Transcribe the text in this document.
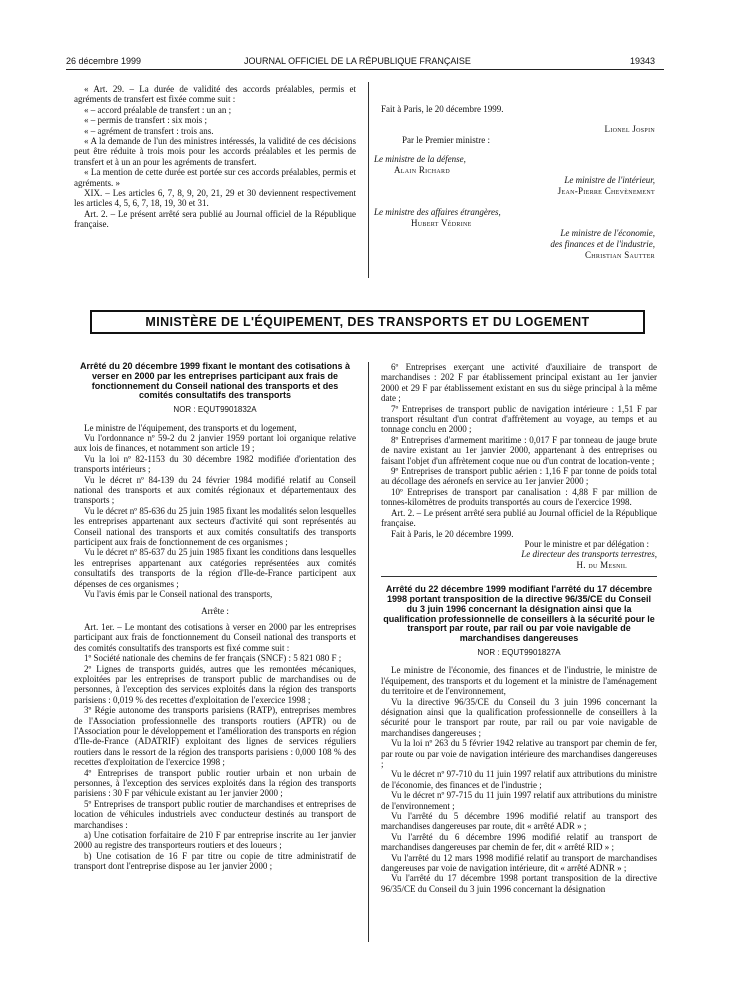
26 décembre 1999	JOURNAL OFFICIEL DE LA RÉPUBLIQUE FRANÇAISE	19343

« Art. 29. – La durée de validité des accords préalables, permis et agréments de transfert est fixée comme suit :

« – accord préalable de transfert : un an ;

« – permis de transfert : six mois ;

« – agrément de transfert : trois ans.

« A la demande de l'un des ministres intéressés, la validité de ces décisions peut être réduite à trois mois pour les accords préalables et les permis de transfert et à un an pour les agréments de transfert.

« La mention de cette durée est portée sur ces accords préalables, permis et agréments. »

XIX. – Les articles 6, 7, 8, 9, 20, 21, 29 et 30 deviennent respectivement les articles 4, 5, 6, 7, 18, 19, 30 et 31.

Art. 2. – Le présent arrêté sera publié au Journal officiel de la République française.

Fait à Paris, le 20 décembre 1999.
Lionel Jospin
Par le Premier ministre :
Le ministre de la défense,
Alain Richard
Le ministre de l'intérieur,
Jean-Pierre Chevènement
Le ministre des affaires étrangères,
Hubert Védrine
Le ministre de l'économie,
des finances et de l'industrie,
Christian Sautter
MINISTÈRE DE L'ÉQUIPEMENT, DES TRANSPORTS ET DU LOGEMENT

Arrêté du 20 décembre 1999 fixant le montant des cotisations à verser en 2000 par les entreprises participant aux frais de fonctionnement du Conseil national des transports et des comités consultatifs des transports

NOR : EQUT9901832A

Le ministre de l'équipement, des transports et du logement,

Vu l'ordonnance nº 59-2 du 2 janvier 1959 portant loi organique relative aux lois de finances, et notamment son article 19 ;

Vu la loi nº 82-1153 du 30 décembre 1982 modifiée d'orientation des transports intérieurs ;

Vu le décret nº 84-139 du 24 février 1984 modifié relatif au Conseil national des transports et aux comités régionaux et départementaux des transports ;

Vu le décret nº 85-636 du 25 juin 1985 fixant les modalités selon lesquelles les entreprises appartenant aux secteurs d'activité qui sont représentés au Conseil national des transports et aux comités consultatifs des transports participent aux frais de fonctionnement de ces organismes ;

Vu le décret nº 85-637 du 25 juin 1985 fixant les conditions dans lesquelles les entreprises appartenant aux catégories représentées aux comités consultatifs des transports de la région d'Ile-de-France participent aux dépenses de ces organismes ;

Vu l'avis émis par le Conseil national des transports,

Arrête :

Art. 1er. – Le montant des cotisations à verser en 2000 par les entreprises participant aux frais de fonctionnement du Conseil national des transports et des comités consultatifs des transports est fixé comme suit :

1º Société nationale des chemins de fer français (SNCF) : 5 821 080 F ;

2º Lignes de transports guidés, autres que les remontées mécaniques, exploitées par les entreprises de transport public de marchandises ou de personnes, à l'exception des services exploités dans la région des transports parisiens : 0,019 % des recettes d'exploitation de l'exercice 1998 ;

3º Régie autonome des transports parisiens (RATP), entreprises membres de l'Association professionnelle des transports routiers (APTR) ou de l'Association pour le développement et l'amélioration des transports en région d'Ile-de-France (ADATRIF) exploitant des lignes de services réguliers routiers dans le ressort de la région des transports parisiens : 0,000 108 % des recettes d'exploitation de l'exercice 1998 ;

4º Entreprises de transport public routier urbain et non urbain de personnes, à l'exception des services exploités dans la région des transports parisiens : 30 F par véhicule existant au 1er janvier 2000 ;

5º Entreprises de transport public routier de marchandises et entreprises de location de véhicules industriels avec conducteur destinés au transport de marchandises :

a) Une cotisation forfaitaire de 210 F par entreprise inscrite au 1er janvier 2000 au registre des transporteurs routiers et des loueurs ;

b) Une cotisation de 16 F par titre ou copie de titre administratif de transport dont l'entreprise dispose au 1er janvier 2000 ;

6º Entreprises exerçant une activité d'auxiliaire de transport de marchandises : 202 F par établissement principal existant au 1er janvier 2000 et 29 F par établissement existant en sus du siège principal à la même date ;

7º Entreprises de transport public de navigation intérieure : 1,51 F par transport résultant d'un contrat d'affrètement au voyage, au temps et au tonnage conclu en 2000 ;

8º Entreprises d'armement maritime : 0,017 F par tonneau de jauge brute de navire existant au 1er janvier 2000, appartenant à des entreprises ou faisant l'objet d'un affrètement coque nue ou d'un contrat de location-vente ;

9º Entreprises de transport public aérien : 1,16 F par tonne de poids total au décollage des aéronefs en service au 1er janvier 2000 ;

10º Entreprises de transport par canalisation : 4,88 F par million de tonnes-kilomètres de produits transportés au cours de l'exercice 1998.

Art. 2. – Le présent arrêté sera publié au Journal officiel de la République française.

Fait à Paris, le 20 décembre 1999.

Pour le ministre et par délégation :

Le directeur des transports terrestres,

H. du Mesnil

Arrêté du 22 décembre 1999 modifiant l'arrêté du 17 décembre 1998 portant transposition de la directive 96/35/CE du Conseil du 3 juin 1996 concernant la désignation ainsi que la qualification professionnelle de conseillers à la sécurité pour le transport par route, par rail ou par voie navigable de marchandises dangereuses

NOR : EQUT9901827A

Le ministre de l'économie, des finances et de l'industrie, le ministre de l'équipement, des transports et du logement et la ministre de l'aménagement du territoire et de l'environnement,

Vu la directive 96/35/CE du Conseil du 3 juin 1996 concernant la désignation ainsi que la qualification professionnelle de conseillers à la sécurité pour le transport par route, par rail ou par voie navigable de marchandises dangereuses ;

Vu la loi nº 263 du 5 février 1942 relative au transport par chemin de fer, par route ou par voie de navigation intérieure des marchandises dangereuses ;

Vu le décret nº 97-710 du 11 juin 1997 relatif aux attributions du ministre de l'économie, des finances et de l'industrie ;

Vu le décret nº 97-715 du 11 juin 1997 relatif aux attributions du ministre de l'environnement ;

Vu l'arrêté du 5 décembre 1996 modifié relatif au transport des marchandises dangereuses par route, dit « arrêté ADR » ;

Vu l'arrêté du 6 décembre 1996 modifié relatif au transport de marchandises dangereuses par chemin de fer, dit « arrêté RID » ;

Vu l'arrêté du 12 mars 1998 modifié relatif au transport de marchandises dangereuses par voie de navigation intérieure, dit « arrêté ADNR » ;

Vu l'arrêté du 17 décembre 1998 portant transposition de la directive 96/35/CE du Conseil du 3 juin 1996 concernant la désignation
